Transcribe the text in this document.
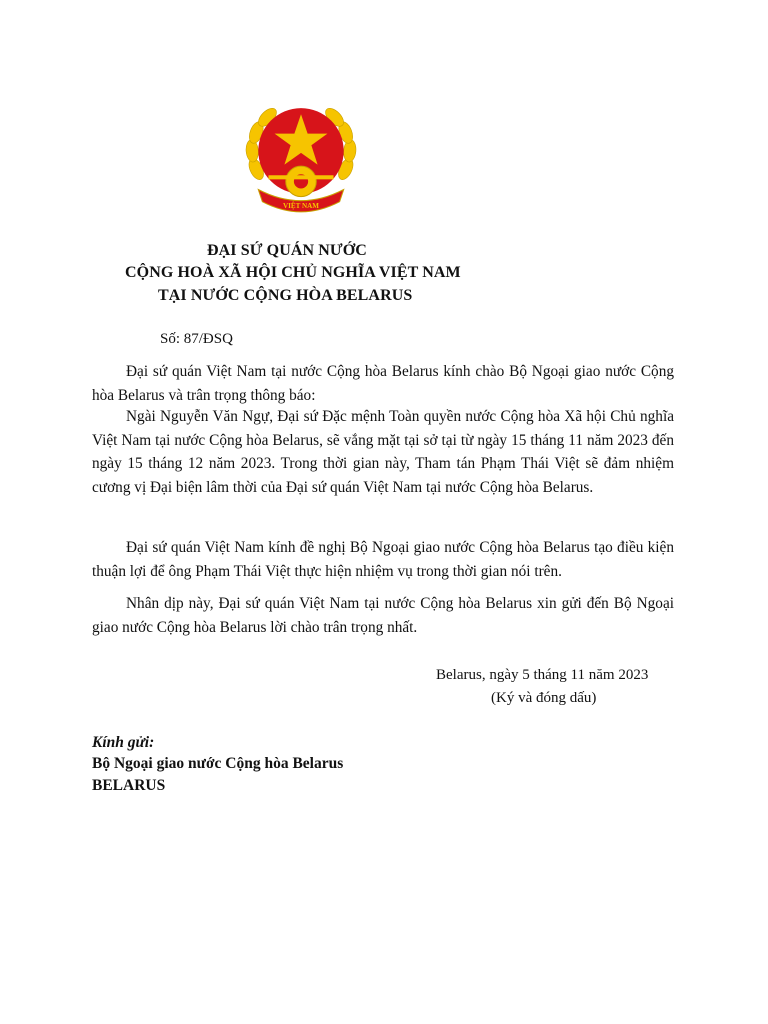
VIỆT NAM
ĐẠI SỨ QUÁN NƯỚC
CỘNG HOÀ XÃ HỘI CHỦ NGHĨA VIỆT NAM
TẠI NƯỚC CỘNG HÒA BELARUS
Số: 87/ĐSQ
Đại sứ quán Việt Nam tại nước Cộng hòa Belarus kính chào Bộ Ngoại giao nước Cộng hòa Belarus và trân trọng thông báo:
Ngài Nguyễn Văn Ngự, Đại sứ Đặc mệnh Toàn quyền nước Cộng hòa Xã hội Chủ nghĩa Việt Nam tại nước Cộng hòa Belarus, sẽ vắng mặt tại sở tại từ ngày 15 tháng 11 năm 2023 đến ngày 15 tháng 12 năm 2023. Trong thời gian này, Tham tán Phạm Thái Việt sẽ đảm nhiệm cương vị Đại biện lâm thời của Đại sứ quán Việt Nam tại nước Cộng hòa Belarus.
Đại sứ quán Việt Nam kính đề nghị Bộ Ngoại giao nước Cộng hòa Belarus tạo điều kiện thuận lợi để ông Phạm Thái Việt thực hiện nhiệm vụ trong thời gian nói trên.
Nhân dịp này, Đại sứ quán Việt Nam tại nước Cộng hòa Belarus xin gửi đến Bộ Ngoại giao nước Cộng hòa Belarus lời chào trân trọng nhất.
Belarus, ngày 5 tháng 11 năm 2023
(Ký và đóng dấu)
Kính gửi:
Bộ Ngoại giao nước Cộng hòa Belarus
BELARUS
